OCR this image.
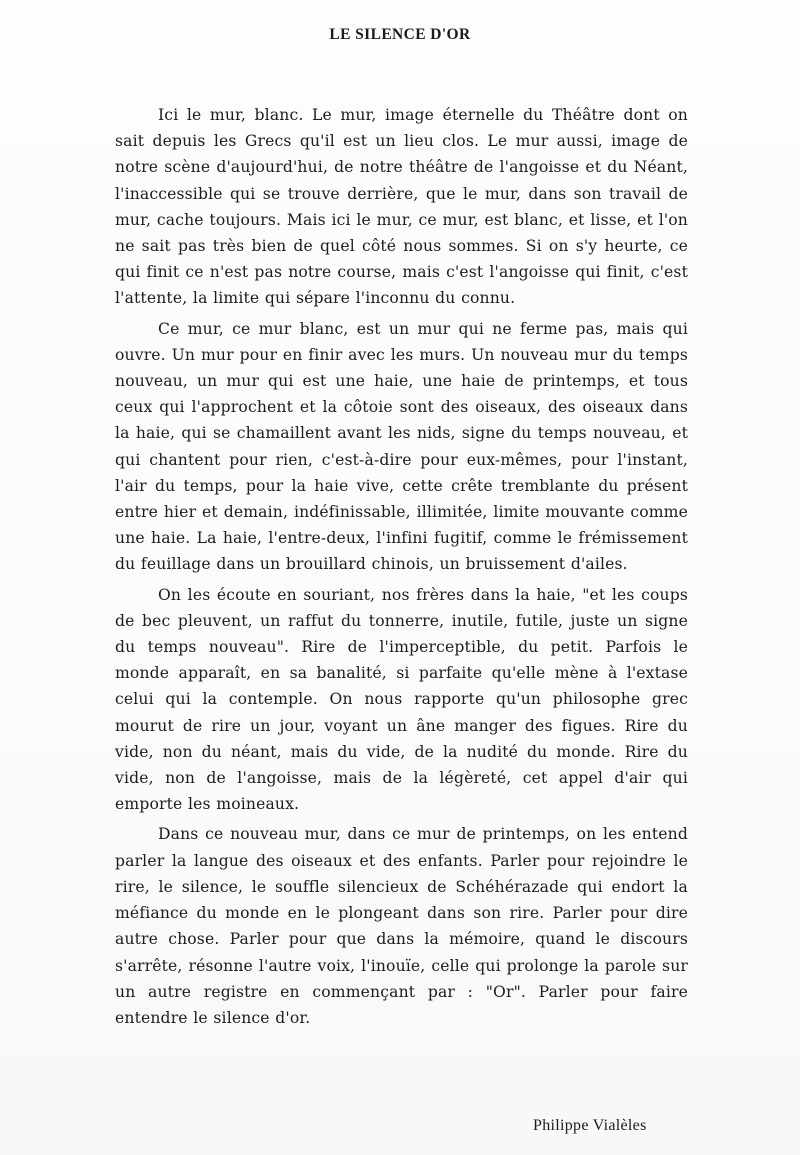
LE SILENCE D'OR

Ici le mur, blanc. Le mur, image éternelle du Théâtre dont on sait depuis les Grecs qu'il est un lieu clos. Le mur aussi, image de notre scène d'aujourd'hui, de notre théâtre de l'angoisse et du Néant, l'inaccessible qui se trouve derrière, que le mur, dans son travail de mur, cache toujours. Mais ici le mur, ce mur, est blanc, et lisse, et l'on ne sait pas très bien de quel côté nous sommes. Si on s'y heurte, ce qui finit ce n'est pas notre course, mais c'est l'angoisse qui finit, c'est l'attente, la limite qui sépare l'inconnu du connu.

Ce mur, ce mur blanc, est un mur qui ne ferme pas, mais qui ouvre. Un mur pour en finir avec les murs. Un nouveau mur du temps nouveau, un mur qui est une haie, une haie de printemps, et tous ceux qui l'approchent et la côtoie sont des oiseaux, des oiseaux dans la haie, qui se chamaillent avant les nids, signe du temps nouveau, et qui chantent pour rien, c'est-à-dire pour eux-mêmes, pour l'instant, l'air du temps, pour la haie vive, cette crête tremblante du présent entre hier et demain, indéfinissable, illimitée, limite mouvante comme une haie. La haie, l'entre-deux, l'infini fugitif, comme le frémissement du feuillage dans un brouillard chinois, un bruissement d'ailes.

On les écoute en souriant, nos frères dans la haie, "et les coups de bec pleuvent, un raffut du tonnerre, inutile, futile, juste un signe du temps nouveau". Rire de l'imperceptible, du petit. Parfois le monde apparaît, en sa banalité, si parfaite qu'elle mène à l'extase celui qui la contemple. On nous rapporte qu'un philosophe grec mourut de rire un jour, voyant un âne manger des figues. Rire du vide, non du néant, mais du vide, de la nudité du monde. Rire du vide, non de l'angoisse, mais de la légèreté, cet appel d'air qui emporte les moineaux.

Dans ce nouveau mur, dans ce mur de printemps, on les entend parler la langue des oiseaux et des enfants. Parler pour rejoindre le rire, le silence, le souffle silencieux de Schéhérazade qui endort la méfiance du monde en le plongeant dans son rire. Parler pour dire autre chose. Parler pour que dans la mémoire, quand le discours s'arrête, résonne l'autre voix, l'inouïe, celle qui prolonge la parole sur un autre registre en commençant par : "Or". Parler pour faire entendre le silence d'or.

Philippe Vialèles
